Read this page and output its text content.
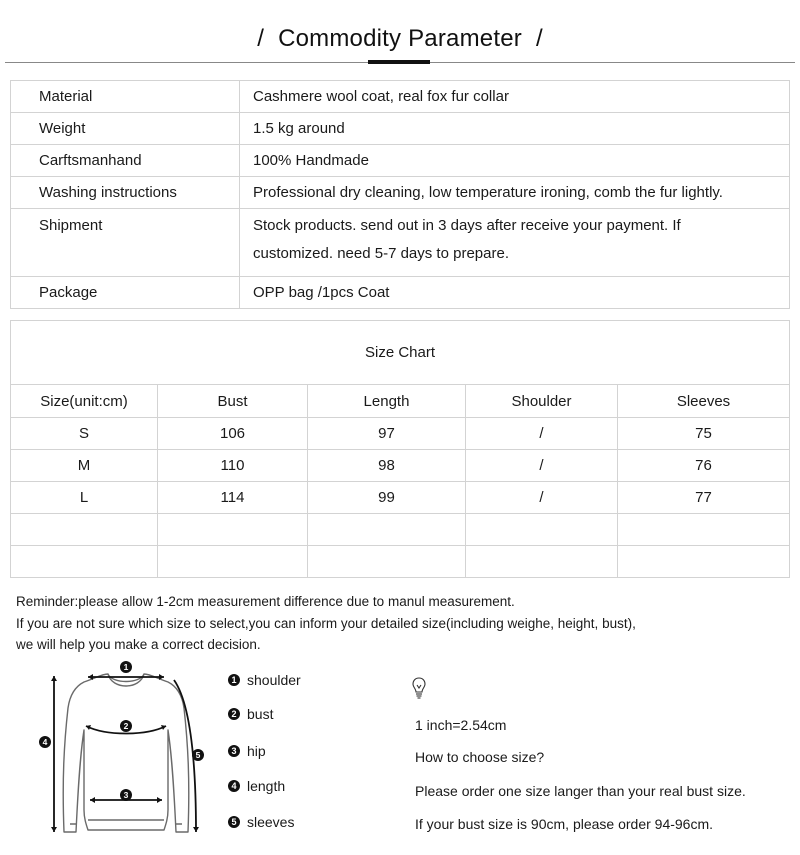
/ Commodity Parameter /
Material	Cashmere wool coat, real fox fur collar
Weight	1.5 kg around
Carftsmanhand	100% Handmade
Washing instructions	Professional dry cleaning, low temperature ironing, comb the fur lightly.
Shipment	Stock products. send out in 3 days after receive your payment. If customized. need 5-7 days to prepare.
Package	OPP bag /1pcs Coat
Size Chart				
Size(unit:cm)	Bust	Length	Shoulder	Sleeves
S	106	97	/	75
M	110	98	/	76
L	114	99	/	77

Reminder:please allow 1-2cm measurement difference due to manul measurement.
If you are not sure which size to select,you can inform your detailed size(including weighe, height, bust),
we will help you make a correct decision.
1
2
3
4
5
1 shoulder
2 bust
3 hip
4 length
5 sleeves
1 inch=2.54cm
How to choose size?
Please order one size langer than your real bust size.
If your bust size is 90cm, please order 94-96cm.
